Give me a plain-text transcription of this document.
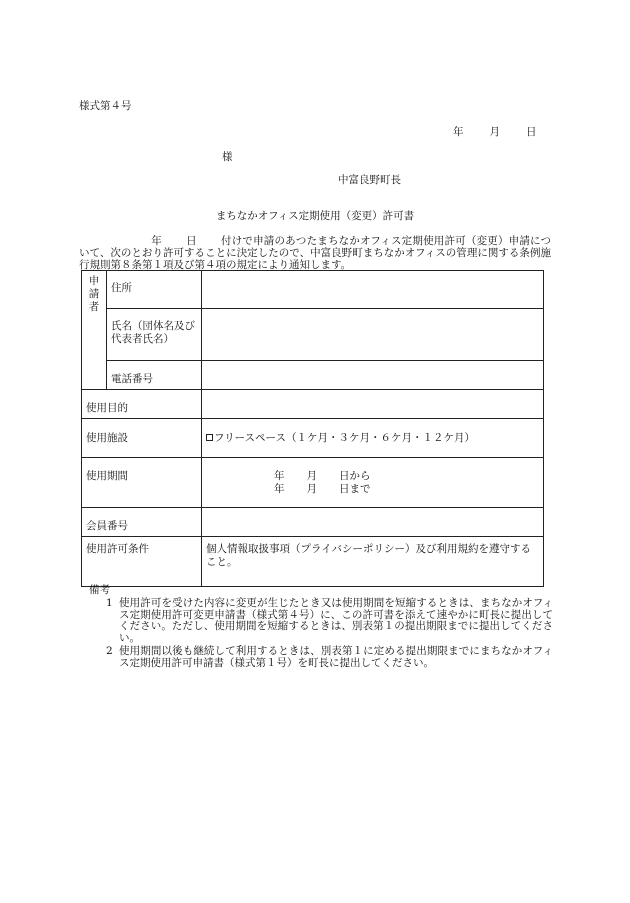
様式第４号
年 月 日
様
中富良野町長
まちなかオフィス定期使用（変更）許可書
年 日 付けで申請のあつたまちなかオフィス定期使用許可（変更）申請について、次のとおり許可することに決定したので、中富良野町まちなかオフィスの管理に関する条例施行規則第８条第１項及び第４項の規定により通知します。
申
請
者	住所	
	氏名（団体名及び代表者氏名）	
	電話番号	
使用目的		
使用施設		フリースペース（１ケ月・３ケ月・６ケ月・１２ケ月）
使用期間		年 月 日から
年 月 日まで

会員番号		
使用許可条件		個人情報取扱事項（プライバシーポリシー）及び利用規約を遵守すること。
備考
1 使用許可を受けた内容に変更が生じたとき又は使用期間を短縮するときは、まちなかオフィス定期使用許可変更申請書（様式第４号）に、この許可書を添えて速やかに町長に提出してください。ただし、使用期間を短縮するときは、別表第１の提出期限までに提出してください。
2 使用期間以後も継続して利用するときは、別表第１に定める提出期限までにまちなかオフィス定期使用許可申請書（様式第１号）を町長に提出してください。
